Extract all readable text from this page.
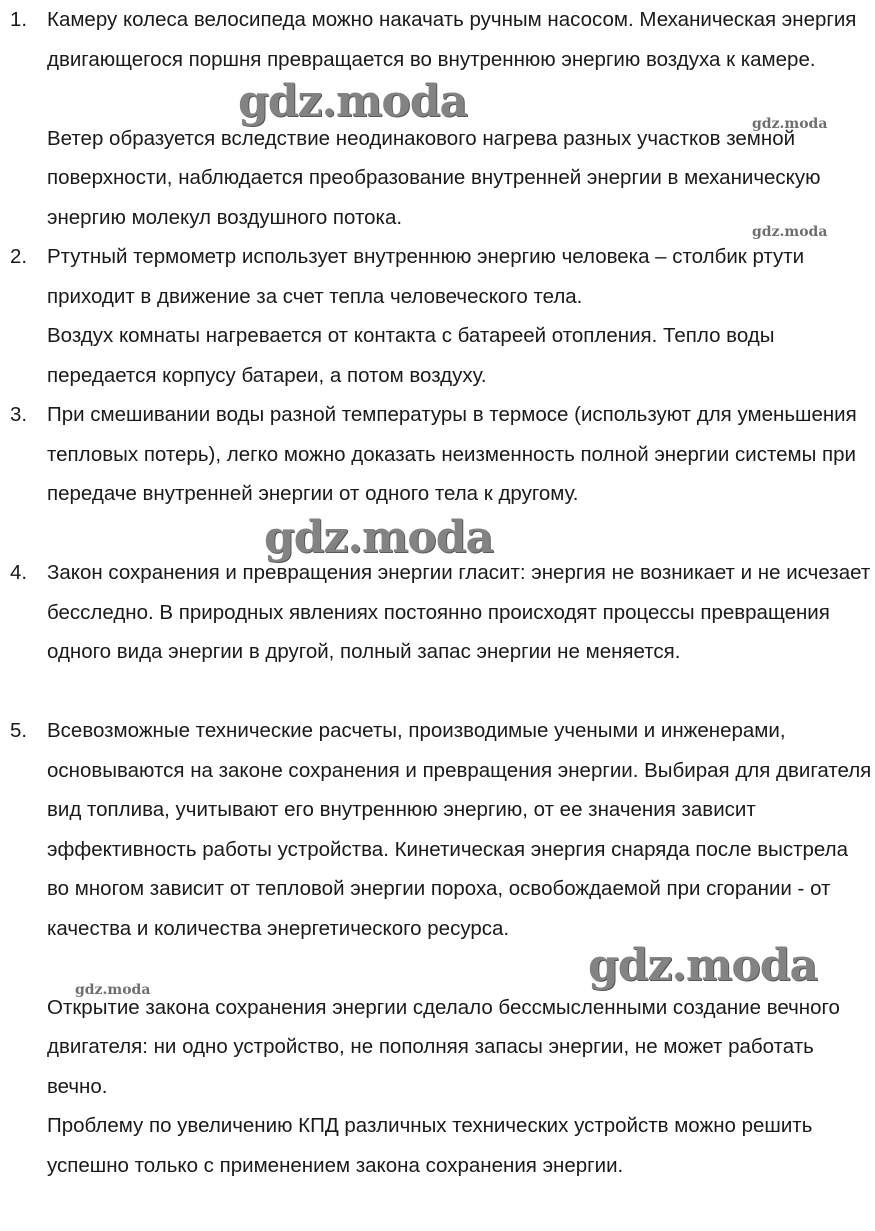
1. Камеру колеса велосипеда можно накачать ручным насосом. Механическая энергия двигающегося поршня превращается во внутреннюю энергию воздуха к камере.

Ветер образуется вследствие неодинакового нагрева разных участков земной поверхности, наблюдается преобразование внутренней энергии в механическую энергию молекул воздушного потока.

2. Ртутный термометр использует внутреннюю энергию человека – столбик ртути приходит в движение за счет тепла человеческого тела.

Воздух комнаты нагревается от контакта с батареей отопления. Тепло воды передается корпусу батареи, а потом воздуху.

3. При смешивании воды разной температуры в термосе (используют для уменьшения тепловых потерь), легко можно доказать неизменность полной энергии системы при передаче внутренней энергии от одного тела к другому.

4. Закон сохранения и превращения энергии гласит: энергия не возникает и не исчезает бесследно. В природных явлениях постоянно происходят процессы превращения одного вида энергии в другой, полный запас энергии не меняется.

5. Всевозможные технические расчеты, производимые учеными и инженерами, основываются на законе сохранения и превращения энергии. Выбирая для двигателя вид топлива, учитывают его внутреннюю энергию, от ее значения зависит эффективность работы устройства. Кинетическая энергия снаряда после выстрела во многом зависит от тепловой энергии пороха, освобождаемой при сгорании - от качества и количества энергетического ресурса.

Открытие закона сохранения энергии сделало бессмысленными создание вечного двигателя: ни одно устройство, не пополняя запасы энергии, не может работать вечно.

Проблему по увеличению КПД различных технических устройств можно решить успешно только с применением закона сохранения энергии.

gdz.moda	gdz.moda
gdz.moda
gdz.moda
gdz.moda
gdz.moda
